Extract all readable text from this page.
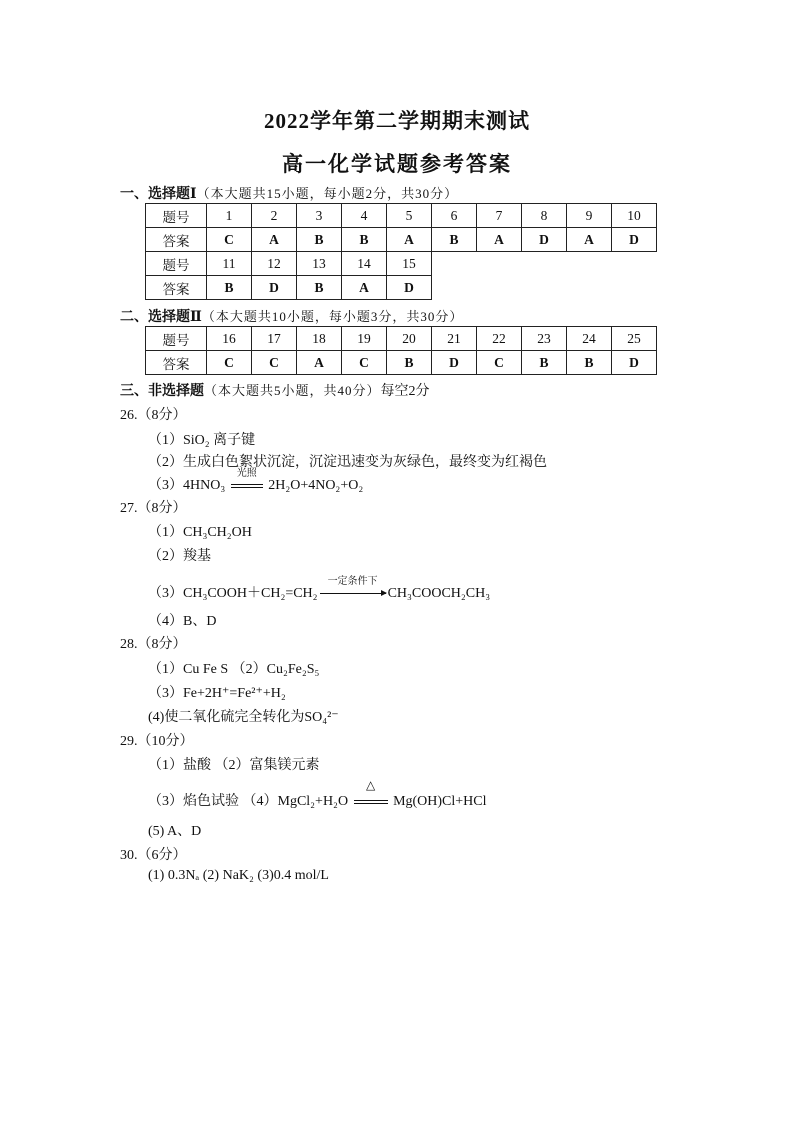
2022学年第二学期期末测试
高一化学试题参考答案
一、选择题Ⅰ（本大题共15小题，每小题2分，共30分）
题号	1	2	3	4	5	6	7	8	9	10
答案	C	A	B	B	A	B	A	D	A	D
题号	11	12	13	14	15					
答案	B	D	B	A	D					
二、选择题Ⅱ（本大题共10小题，每小题3分，共30分）
题号	16	17	18	19	20	21	22	23	24	25
答案	C	C	A	C	B	D	C	B	B	D
三、非选择题（本大题共5小题，共40分）每空2分
26.（8分）
（1）SiO₂ 离子键
（2）生成白色絮状沉淀，沉淀迅速变为灰绿色，最终变为红褐色
（3）4HNO₃
光照
2H₂O+4NO₂+O₂
27.（8分）
（1）CH₃CH₂OH
（2）羧基
（3）CH₃COOH＋CH₂=CH₂
一定条件下
CH₃COOCH₂CH₃
（4）B、D
28.（8分）
（1）Cu Fe S （2）Cu₂Fe₂S₅
（3）Fe+2H⁺=Fe²⁺+H₂
(4)使二氧化硫完全转化为SO₄²⁻
29.（10分）
（1）盐酸 （2）富集镁元素
（3）焰色试验 （4）MgCl₂+H₂O
△
Mg(OH)Cl+HCl
(5) A、D
30.（6分）
(1) 0.3Nₐ (2) NaK₂ (3)0.4 mol/L
